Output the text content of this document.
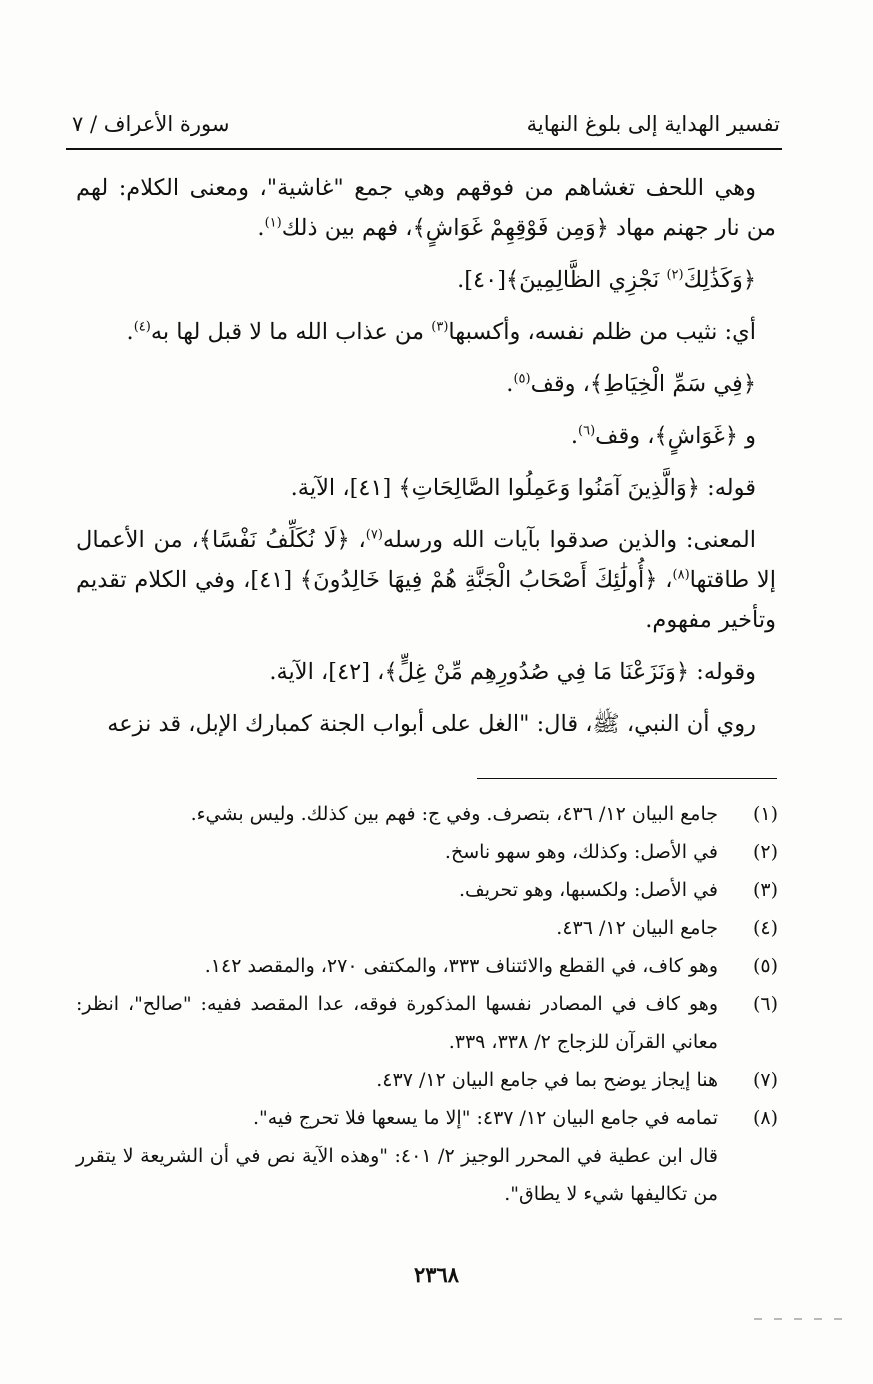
تفسير الهداية إلى بلوغ النهاية
سورة الأعراف / ٧

وهي اللحف تغشاهم من فوقهم وهي جمع "غاشية"، ومعنى الكلام: لهم من نار جهنم مهاد ﴿وَمِن فَوْقِهِمْ غَوَاشٍ﴾، فهم بين ذلك$^{(١)}$.

﴿وَكَذَٰلِكَ$^{(٢)}$ نَجْزِي الظَّالِمِينَ﴾[٤٠].

أي: نثيب من ظلم نفسه، وأكسبها$^{(٣)}$ من عذاب الله ما لا قبل لها به$^{(٤)}$.

﴿فِي سَمِّ الْخِيَاطِ﴾، وقف$^{(٥)}$.

و ﴿غَوَاشٍ﴾، وقف$^{(٦)}$.

قوله: ﴿وَالَّذِينَ آمَنُوا وَعَمِلُوا الصَّالِحَاتِ﴾ [٤١]، الآية.

المعنى: والذين صدقوا بآيات الله ورسله$^{(٧)}$، ﴿لَا نُكَلِّفُ نَفْسًا﴾، من الأعمال إلا طاقتها$^{(٨)}$، ﴿أُولَٰئِكَ أَصْحَابُ الْجَنَّةِ هُمْ فِيهَا خَالِدُونَ﴾ [٤١]، وفي الكلام تقديم وتأخير مفهوم.

وقوله: ﴿وَنَزَعْنَا مَا فِي صُدُورِهِم مِّنْ غِلٍّ﴾، [٤٢]، الآية.

روي أن النبي، ﷺ، قال: "الغل على أبواب الجنة كمبارك الإبل، قد نزعه

(١)
جامع البيان ١٢/ ٤٣٦، بتصرف. وفي ج: فهم بين كذلك. وليس بشيء.
(٢)
في الأصل: وكذلك، وهو سهو ناسخ.
(٣)
في الأصل: ولكسبها، وهو تحريف.
(٤)
جامع البيان ١٢/ ٤٣٦.
(٥)
وهو كاف، في القطع والائتناف ٣٣٣، والمكتفى ٢٧٠، والمقصد ١٤٢.
(٦)
وهو كاف في المصادر نفسها المذكورة فوقه، عدا المقصد ففيه: "صالح"، انظر: معاني القرآن للزجاج ٢/ ٣٣٨، ٣٣٩.
(٧)
هنا إيجاز يوضح بما في جامع البيان ١٢/ ٤٣٧.
(٨)
تمامه في جامع البيان ١٢/ ٤٣٧: "إلا ما يسعها فلا تحرج فيه".
قال ابن عطية في المحرر الوجيز ٢/ ٤٠١: "وهذه الآية نص في أن الشريعة لا يتقرر من تكاليفها شيء لا يطاق".
٢٣٦٨
